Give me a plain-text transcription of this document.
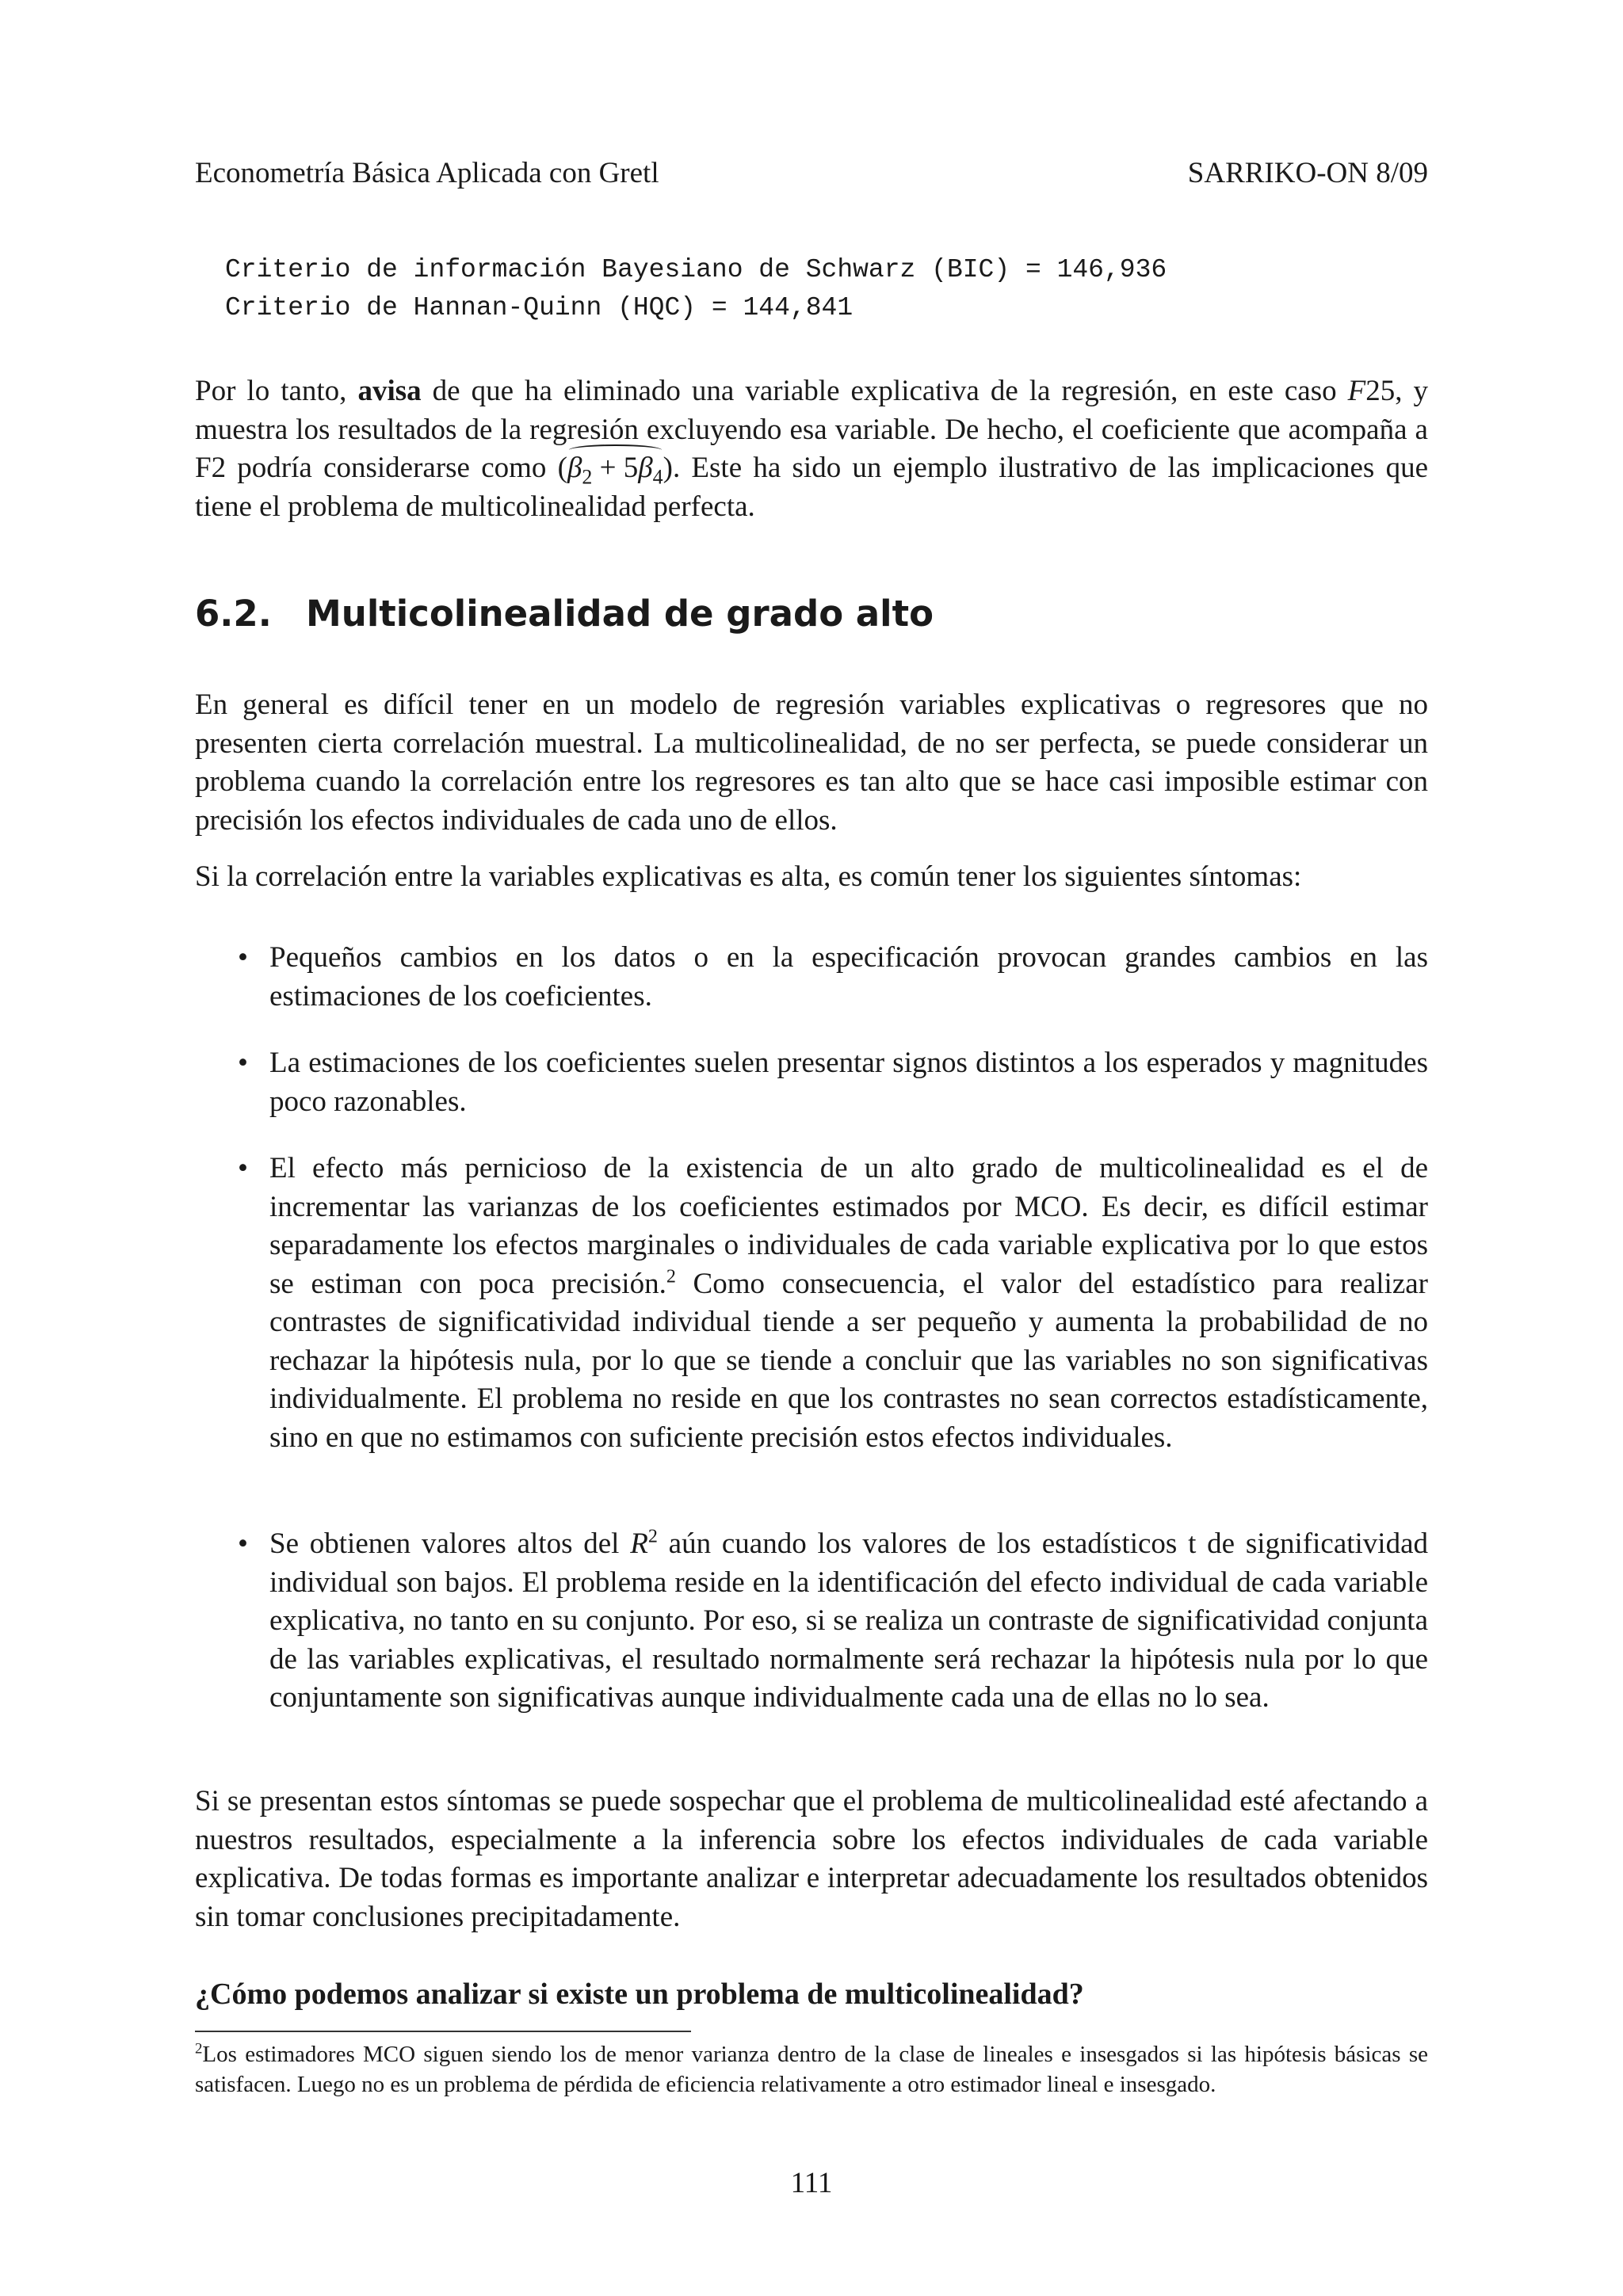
Econometría Básica Aplicada con Gretl	SARRIKO-ON 8/09
Criterio de información Bayesiano de Schwarz (BIC) = 146,936
Criterio de Hannan-Quinn (HQC) = 144,841
Por lo tanto, avisa de que ha eliminado una variable explicativa de la regresión, en este caso F25, y muestra los resultados de la regresión excluyendo esa variable. De hecho, el coeficiente que acompaña a F2 podría considerarse como $(\beta_2 + 5\beta_4)$. Este ha sido un ejemplo ilustrativo de las implicaciones que tiene el problema de multicolinealidad perfecta.
6.2. Multicolinealidad de grado alto
En general es difícil tener en un modelo de regresión variables explicativas o regresores que no presenten cierta correlación muestral. La multicolinealidad, de no ser perfecta, se puede considerar un problema cuando la correlación entre los regresores es tan alto que se hace casi imposible estimar con precisión los efectos individuales de cada uno de ellos.
Si la correlación entre la variables explicativas es alta, es común tener los siguientes síntomas:
• Pequeños cambios en los datos o en la especificación provocan grandes cambios en las estimaciones de los coeficientes.
• La estimaciones de los coeficientes suelen presentar signos distintos a los esperados y magnitudes poco razonables.
• El efecto más pernicioso de la existencia de un alto grado de multicolinealidad es el de incrementar las varianzas de los coeficientes estimados por MCO. Es decir, es difícil estimar separadamente los efectos marginales o individuales de cada variable explicativa por lo que estos se estiman con poca precisión.$^2$ Como consecuencia, el valor del estadístico para realizar contrastes de significatividad individual tiende a ser pequeño y aumenta la probabilidad de no rechazar la hipótesis nula, por lo que se tiende a concluir que las variables no son significativas individualmente. El problema no reside en que los contrastes no sean correctos estadísticamente, sino en que no estimamos con suficiente precisión estos efectos individuales.
• Se obtienen valores altos del $R^2$ aún cuando los valores de los estadísticos t de significatividad individual son bajos. El problema reside en la identificación del efecto individual de cada variable explicativa, no tanto en su conjunto. Por eso, si se realiza un contraste de significatividad conjunta de las variables explicativas, el resultado normalmente será rechazar la hipótesis nula por lo que conjuntamente son significativas aunque individualmente cada una de ellas no lo sea.
Si se presentan estos síntomas se puede sospechar que el problema de multicolinealidad esté afectando a nuestros resultados, especialmente a la inferencia sobre los efectos individuales de cada variable explicativa. De todas formas es importante analizar e interpretar adecuadamente los resultados obtenidos sin tomar conclusiones precipitadamente.
¿Cómo podemos analizar si existe un problema de multicolinealidad?
$^2$Los estimadores MCO siguen siendo los de menor varianza dentro de la clase de lineales e insesgados si las hipótesis básicas se satisfacen. Luego no es un problema de pérdida de eficiencia relativamente a otro estimador lineal e insesgado.
111
